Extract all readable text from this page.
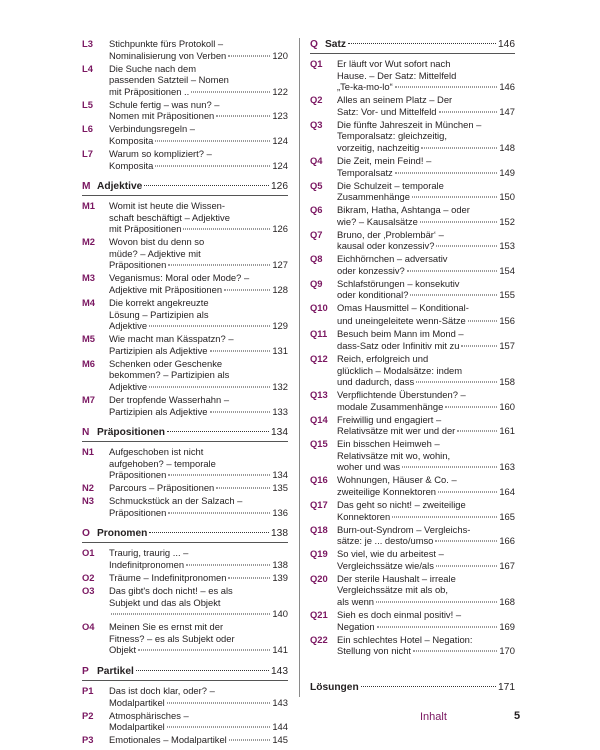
L3	Stichpunkte fürs Protokoll –
Nominalisierung von Verben	120
L4	Die Suche nach dem
passenden Satzteil – Nomen
mit Präpositionen ..	122
L5	Schule fertig – was nun? –
Nomen mit Präpositionen	123
L6	Verbindungsregeln –
Komposita	124
L7	Warum so kompliziert? –
Komposita	124
M Adjektive	126
M1	Womit ist heute die Wissen-
schaft beschäftigt – Adjektive
mit Präpositionen	126
M2	Wovon bist du denn so
müde? – Adjektive mit
Präpositionen	127
M3	Veganismus: Moral oder Mode? –
Adjektive mit Präpositionen	128
M4	Die korrekt angekreuzte
Lösung – Partizipien als
Adjektive	129
M5	Wie macht man Kässpatzn? –
Partizipien als Adjektive	131
M6	Schenken oder Geschenke
bekommen? – Partizipien als
Adjektive	132
M7	Der tropfende Wasserhahn –
Partizipien als Adjektive	133
N Präpositionen	134
N1	Aufgeschoben ist nicht
aufgehoben? – temporale
Präpositionen	134
N2	Parcours – Präpositionen	135
N3	Schmuckstück an der Salzach –
Präpositionen	136
O Pronomen	138
O1	Traurig, traurig ... –
Indefinitpronomen	138
O2	Träume – Indefinitpronomen	139
O3	Das gibt's doch nicht! – es als
Subjekt und das als Objekt
140
O4	Meinen Sie es ernst mit der
Fitness? – es als Subjekt oder
Objekt	141
P Partikel	143
P1	Das ist doch klar, oder? –
Modalpartikel	143
P2	Atmosphärisches –
Modalpartikel	144
P3	Emotionales – Modalpartikel	145
Q Satz	146
Q1	Er läuft vor Wut sofort nach
Hause. – Der Satz: Mittelfeld
„Te-ka-mo-lo“	146
Q2	Alles an seinem Platz – Der
Satz: Vor- und Mittelfeld	147
Q3	Die fünfte Jahreszeit in München –
Temporalsatz: gleichzeitig,
vorzeitig, nachzeitig	148
Q4	Die Zeit, mein Feind! –
Temporalsatz	149
Q5	Die Schulzeit – temporale
Zusammenhänge	150
Q6	Bikram, Hatha, Ashtanga – oder
wie? – Kausalsätze	152
Q7	Bruno, der ‚Problembär‘ –
kausal oder konzessiv?	153
Q8	Eichhörnchen – adversativ
oder konzessiv?	154
Q9	Schlafstörungen – konsekutiv
oder konditional?	155
Q10 Omas Hausmittel – Konditional-
und uneingeleitete wenn-Sätze	156
Q11	Besuch beim Mann im Mond –
dass-Satz oder Infinitiv mit zu	157
Q12 Reich, erfolgreich und
glücklich – Modalsätze: indem
und dadurch, dass	158
Q13 Verpflichtende Überstunden? –
modale Zusammenhänge	160
Q14 Freiwillig und engagiert –
Relativsätze mit wer und der	161
Q15 Ein bisschen Heimweh –
Relativsätze mit wo, wohin,
woher und was	163
Q16 Wohnungen, Häuser & Co. –
zweiteilige Konnektoren	164
Q17 Das geht so nicht! – zweiteilige
Konnektoren	165
Q18 Burn-out-Syndrom – Vergleichs-
sätze: je ... desto/umso	166
Q19 So viel, wie du arbeitest –
Vergleichssätze wie/als	167
Q20 Der sterile Haushalt – irreale
Vergleichssätze mit als ob,
als wenn	168
Q21 Sieh es doch einmal positiv! –
Negation	169
Q22 Ein schlechtes Hotel – Negation:
Stellung von nicht	170
Lösungen	171
Inhalt	5
